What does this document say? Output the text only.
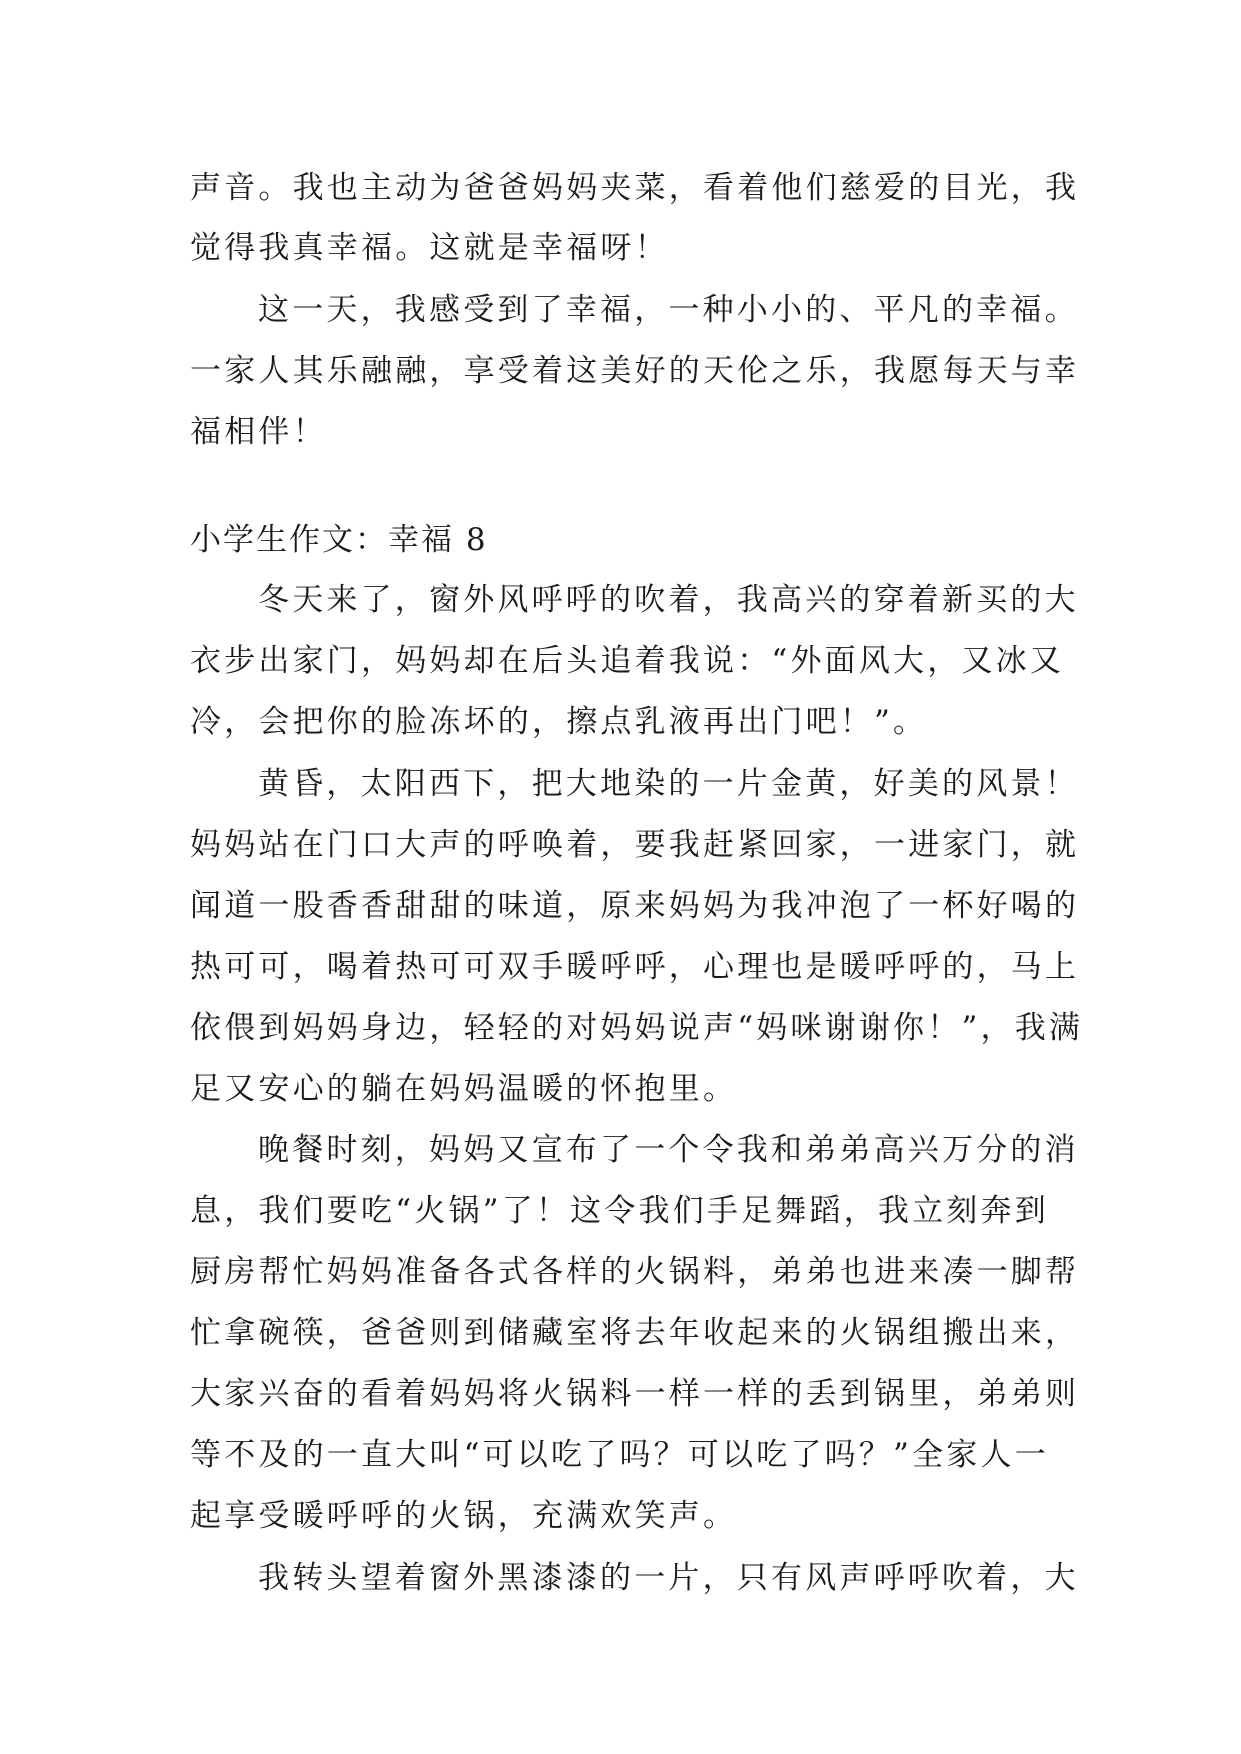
声音。我也主动为爸爸妈妈夹菜，看着他们慈爱的目光，我
觉得我真幸福。这就是幸福呀！
这一天，我感受到了幸福，一种小小的、平凡的幸福。
一家人其乐融融，享受着这美好的天伦之乐，我愿每天与幸
福相伴！
小学生作文：幸福 8
冬天来了，窗外风呼呼的吹着，我高兴的穿着新买的大
衣步出家门，妈妈却在后头追着我说：“外面风大，又冰又
冷，会把你的脸冻坏的，擦点乳液再出门吧！”。
黄昏，太阳西下，把大地染的一片金黄，好美的风景！
妈妈站在门口大声的呼唤着，要我赶紧回家，一进家门，就
闻道一股香香甜甜的味道，原来妈妈为我冲泡了一杯好喝的
热可可，喝着热可可双手暖呼呼，心理也是暖呼呼的，马上
依偎到妈妈身边，轻轻的对妈妈说声“妈咪谢谢你！”，我满
足又安心的躺在妈妈温暖的怀抱里。
晚餐时刻，妈妈又宣布了一个令我和弟弟高兴万分的消
息，我们要吃“火锅”了！这令我们手足舞蹈，我立刻奔到
厨房帮忙妈妈准备各式各样的火锅料，弟弟也进来凑一脚帮
忙拿碗筷，爸爸则到储藏室将去年收起来的火锅组搬出来，
大家兴奋的看着妈妈将火锅料一样一样的丢到锅里，弟弟则
等不及的一直大叫“可以吃了吗？可以吃了吗？”全家人一
起享受暖呼呼的火锅，充满欢笑声。
我转头望着窗外黑漆漆的一片，只有风声呼呼吹着，大
